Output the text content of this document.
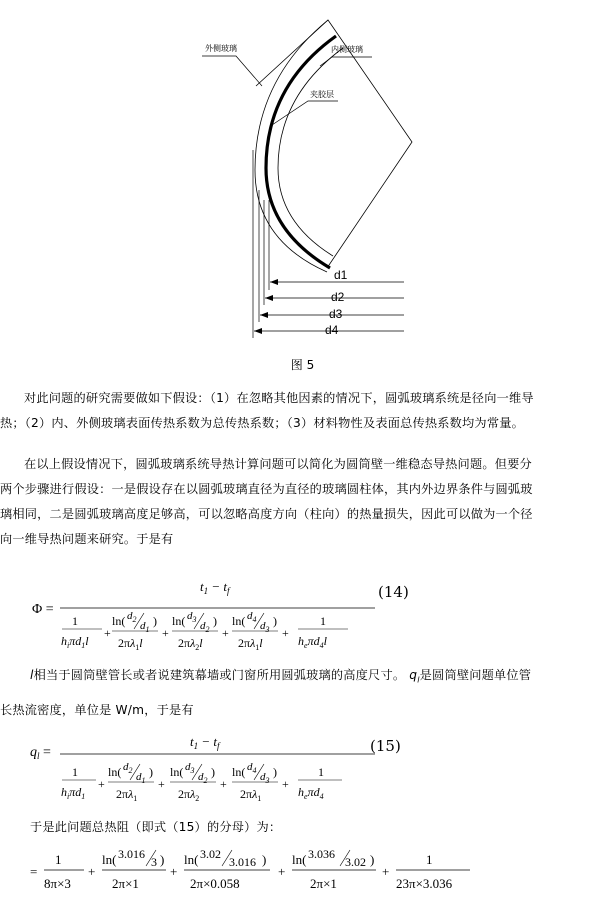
d1
d2
d3
d4
外侧玻璃	内侧玻璃
夹胶层
图 5
对此问题的研究需要做如下假设：（1）在忽略其他因素的情况下，圆弧玻璃系统是径向一维导
热；（2）内、外侧玻璃表面传热系数为总传热系数；（3）材料物性及表面总传热系数均为常量。
在以上假设情况下，圆弧玻璃系统导热计算问题可以简化为圆筒壁一维稳态导热问题。但要分
两个步骤进行假设：一是假设存在以圆弧玻璃直径为直径的玻璃圆柱体，其内外边界条件与圆弧玻
璃相同，二是圆弧玻璃高度足够高，可以忽略高度方向（柱向）的热量损失，因此可以做为一个径
向一维导热问题来研究。于是有
Φ =
$t_1 - t_f$
1
$h_i\pi d_1l$
+
ln( $d_2$
$d_1$
)
$2\pi\lambda_1l$
+
ln( $d_3$
$d_2$
)
$2\pi\lambda_2l$
+
ln( $d_4$
$d_3$
)
$2\pi\lambda_1l$
+
1
$h_e\pi d_4l$
(14)
l相当于圆筒壁管长或者说建筑幕墙或门窗所用圆弧玻璃的高度尺寸。 $q_l$是圆筒壁问题单位管
长热流密度，单位是 W/m，于是有
$q_l$ =
$t_1 - t_f$
1
$h_i\pi d_1$
+
ln( $d_2$
$d_1$
)
$2\pi\lambda_1$
+
ln( $d_3$
$d_2$
)
$2\pi\lambda_2$
+
ln( $d_4$
$d_3$
)
$2\pi\lambda_1$
+
1
$h_e\pi d_4$
(15)
于是此问题总热阻（即式（15）的分母）为：
=
1
8π×3
+
ln( 3.016
3 )
2π×1
+
ln( 3.02
3.016 )
2π×0.058
+
ln( 3.036
3.02 )
2π×1
+
1
23π×3.036
